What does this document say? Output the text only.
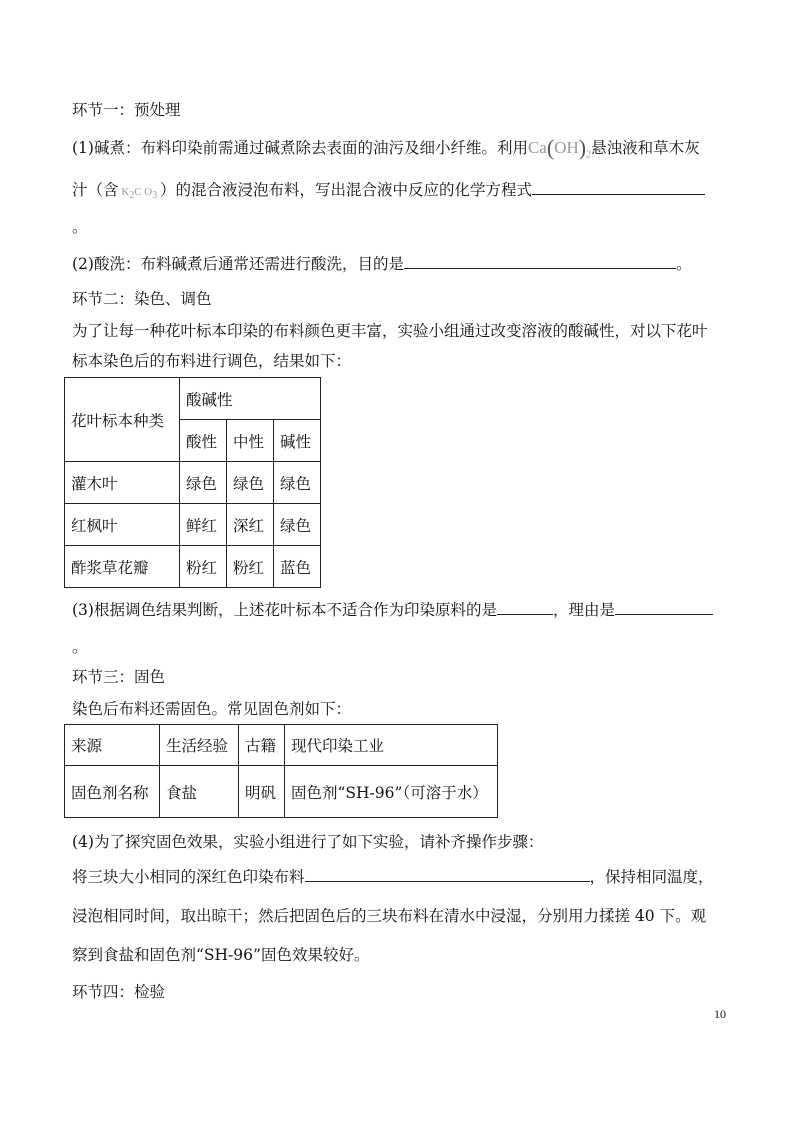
环节一：预处理
(1)碱煮：布料印染前需通过碱煮除去表面的油污及细小纤维。利用$Ca(OH)_2$悬浊液和草木灰
汁（含 $K_2C$ $O_3$ ）的混合液浸泡布料，写出混合液中反应的化学方程式
。
(2)酸洗：布料碱煮后通常还需进行酸洗，目的是	。
环节二：染色、调色
为了让每一种花叶标本印染的布料颜色更丰富，实验小组通过改变溶液的酸碱性，对以下花叶
标本染色后的布料进行调色，结果如下：
花叶标本种类	酸碱性		
	酸性	中性	碱性
灌木叶	绿色	绿色	绿色
红枫叶	鲜红	深红	绿色
酢浆草花瓣	粉红	粉红	蓝色
(3)根据调色结果判断，上述花叶标本不适合作为印染原料的是	，理由是
。
环节三：固色
染色后布料还需固色。常见固色剂如下：
来源	生活经验	古籍	现代印染工业
固色剂名称	食盐	明矾	固色剂“SH-96”（可溶于水）
(4)为了探究固色效果，实验小组进行了如下实验，请补齐操作步骤：
将三块大小相同的深红色印染布料	，保持相同温度，
浸泡相同时间，取出晾干；然后把固色后的三块布料在清水中浸湿，分别用力揉搓 40 下。观
察到食盐和固色剂“SH-96”固色效果较好。
环节四：检验
10
